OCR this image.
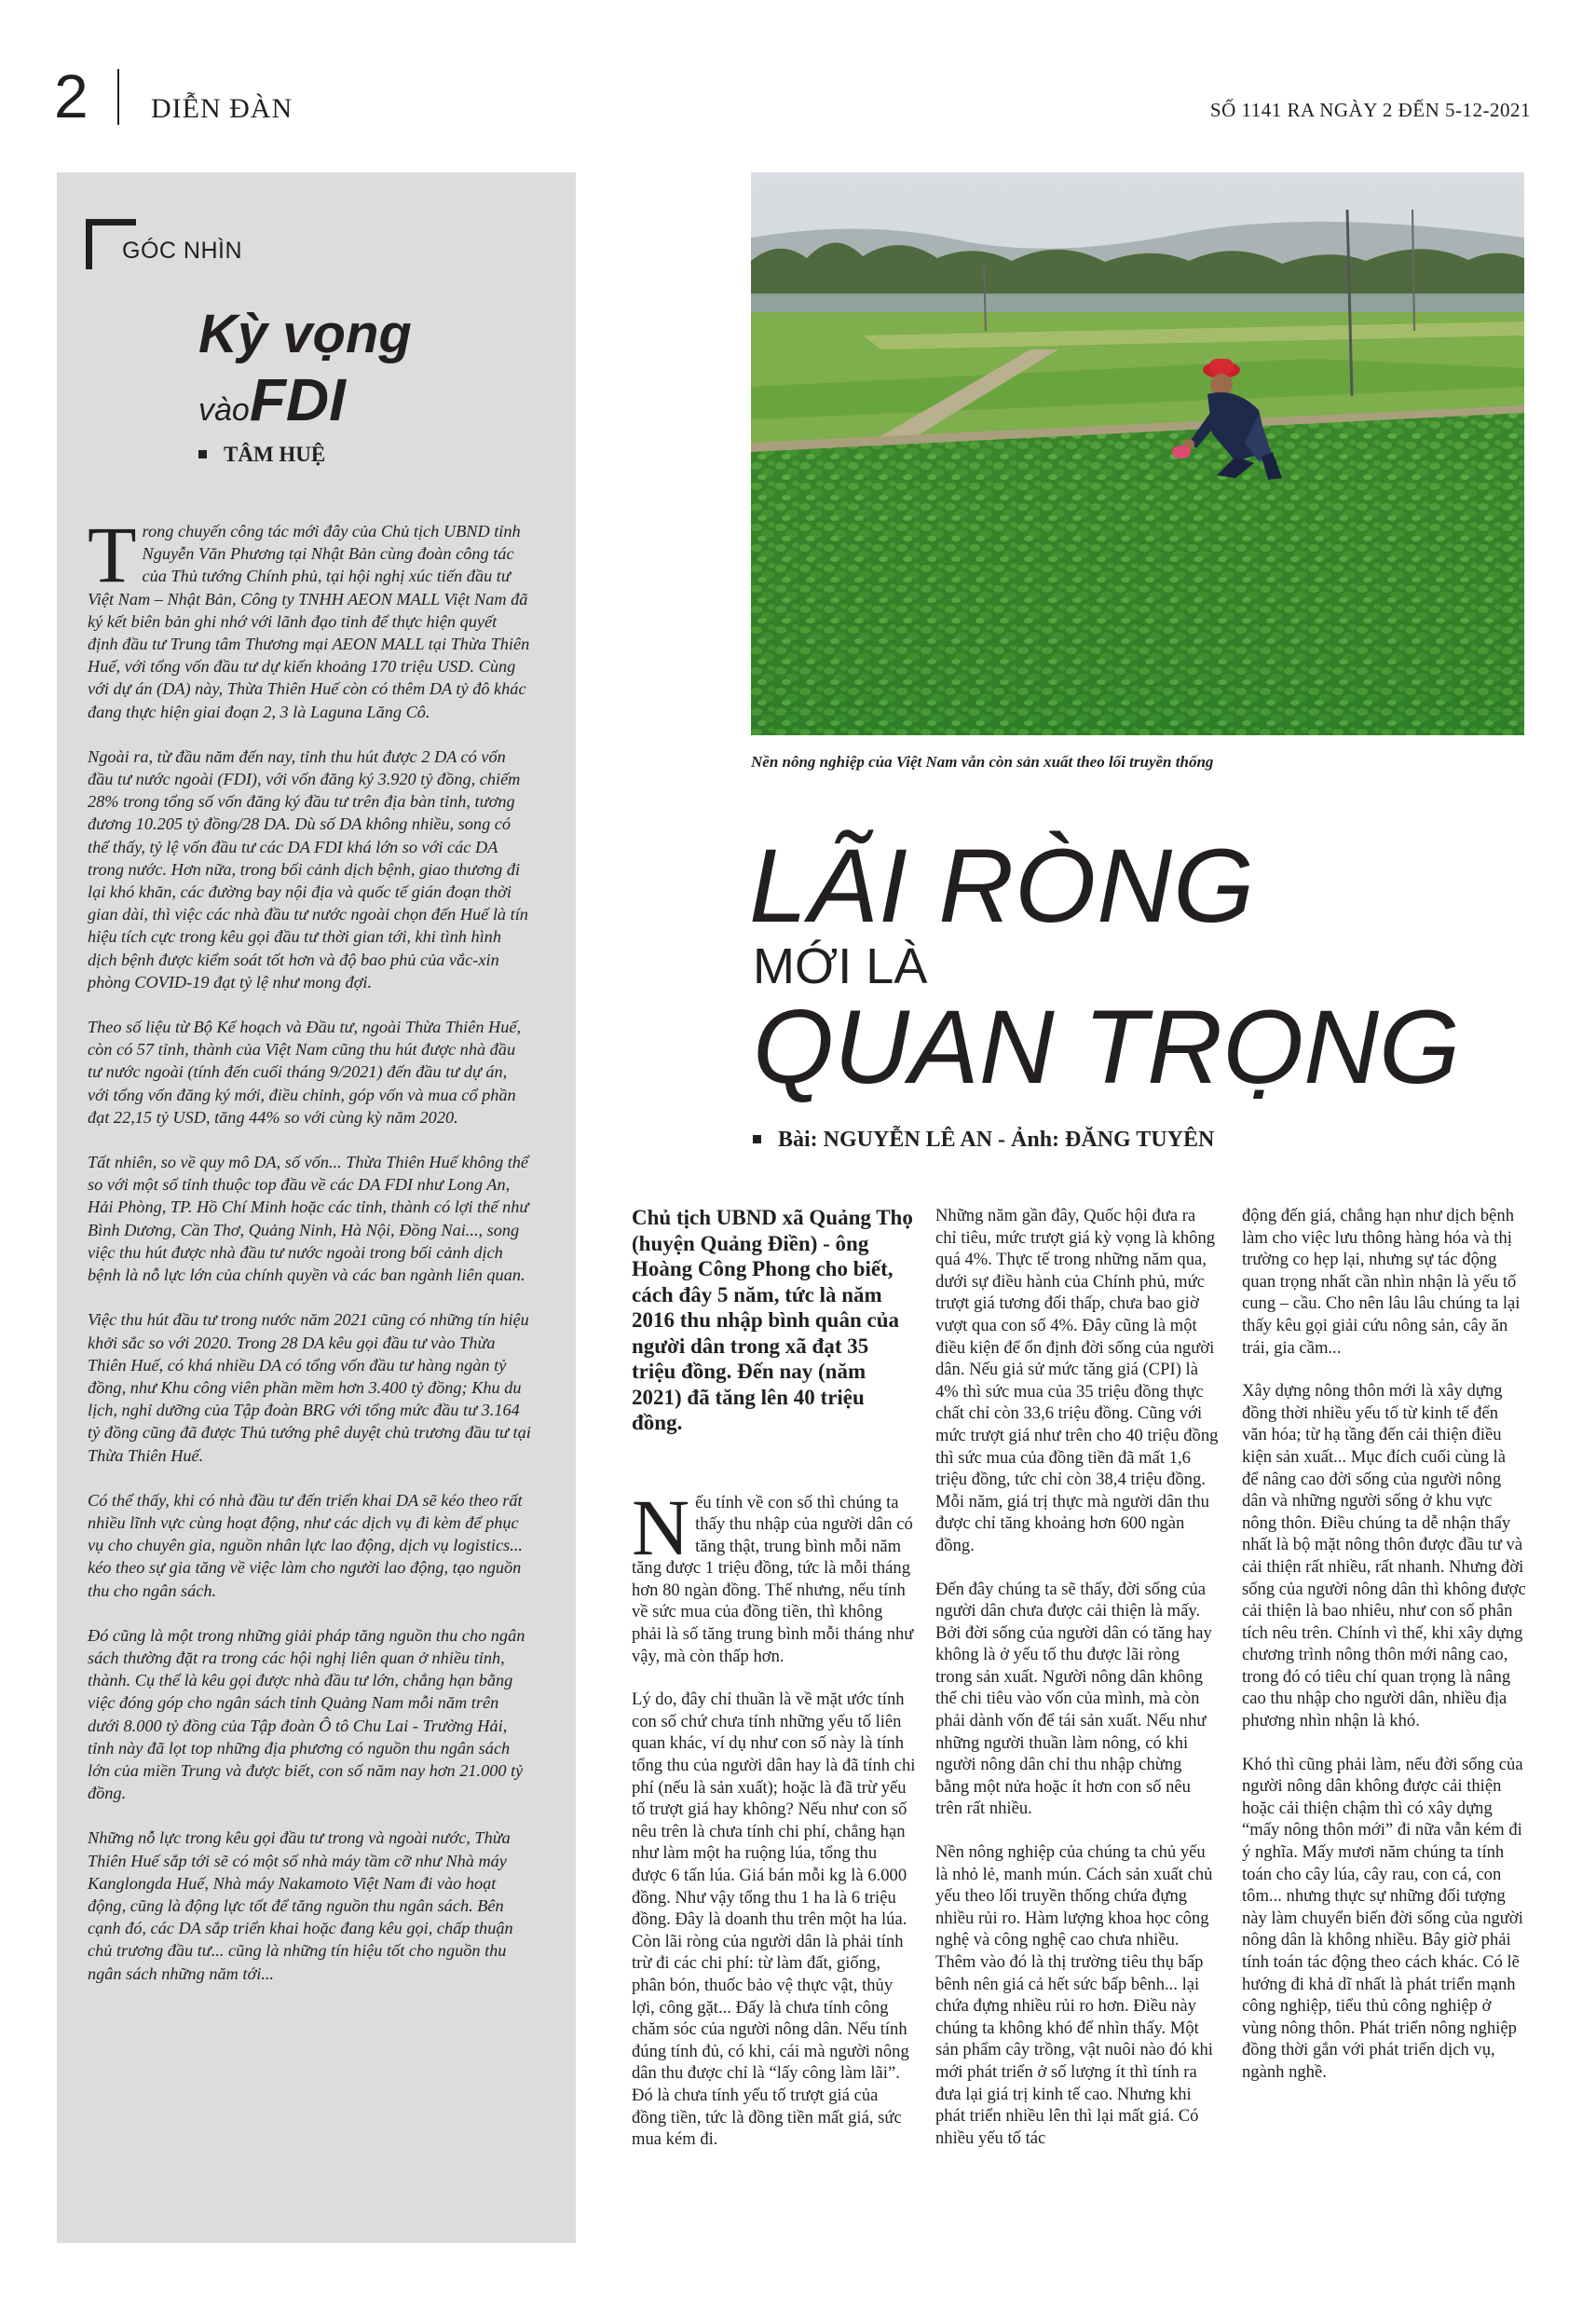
2 DIỄN ĐÀN	SỐ 1141 RA NGÀY 2 ĐẾN 5-12-2021
GÓC NHÌN
Kỳ vọng
vàoFDI
TÂM HUỆ

Trong chuyến công tác mới đây của Chủ tịch UBND tỉnh Nguyễn Văn Phương tại Nhật Bản cùng đoàn công tác của Thủ tướng Chính phủ, tại hội nghị xúc tiến đầu tư Việt Nam – Nhật Bản, Công ty TNHH AEON MALL Việt Nam đã ký kết biên bản ghi nhớ với lãnh đạo tỉnh để thực hiện quyết định đầu tư Trung tâm Thương mại AEON MALL tại Thừa Thiên Huế, với tổng vốn đầu tư dự kiến khoảng 170 triệu USD. Cùng với dự án (DA) này, Thừa Thiên Huế còn có thêm DA tỷ đô khác đang thực hiện giai đoạn 2, 3 là Laguna Lăng Cô.

Ngoài ra, từ đầu năm đến nay, tỉnh thu hút được 2 DA có vốn đầu tư nước ngoài (FDI), với vốn đăng ký 3.920 tỷ đồng, chiếm 28% trong tổng số vốn đăng ký đầu tư trên địa bàn tỉnh, tương đương 10.205 tỷ đồng/28 DA. Dù số DA không nhiều, song có thể thấy, tỷ lệ vốn đầu tư các DA FDI khá lớn so với các DA trong nước. Hơn nữa, trong bối cảnh dịch bệnh, giao thương đi lại khó khăn, các đường bay nội địa và quốc tế gián đoạn thời gian dài, thì việc các nhà đầu tư nước ngoài chọn đến Huế là tín hiệu tích cực trong kêu gọi đầu tư thời gian tới, khi tình hình dịch bệnh được kiểm soát tốt hơn và độ bao phủ của vắc-xin phòng COVID-19 đạt tỷ lệ như mong đợi.

Theo số liệu từ Bộ Kế hoạch và Đầu tư, ngoài Thừa Thiên Huế, còn có 57 tỉnh, thành của Việt Nam cũng thu hút được nhà đầu tư nước ngoài (tính đến cuối tháng 9/2021) đến đầu tư dự án, với tổng vốn đăng ký mới, điều chỉnh, góp vốn và mua cổ phần đạt 22,15 tỷ USD, tăng 44% so với cùng kỳ năm 2020.

Tất nhiên, so về quy mô DA, số vốn... Thừa Thiên Huế không thể so với một số tỉnh thuộc top đầu về các DA FDI như Long An, Hải Phòng, TP. Hồ Chí Minh hoặc các tỉnh, thành có lợi thế như Bình Dương, Cần Thơ, Quảng Ninh, Hà Nội, Đồng Nai..., song việc thu hút được nhà đầu tư nước ngoài trong bối cảnh dịch bệnh là nỗ lực lớn của chính quyền và các ban ngành liên quan.

Việc thu hút đầu tư trong nước năm 2021 cũng có những tín hiệu khởi sắc so với 2020. Trong 28 DA kêu gọi đầu tư vào Thừa Thiên Huế, có khá nhiều DA có tổng vốn đầu tư hàng ngàn tỷ đồng, như Khu công viên phần mềm hơn 3.400 tỷ đồng; Khu du lịch, nghỉ dưỡng của Tập đoàn BRG với tổng mức đầu tư 3.164 tỷ đồng cũng đã được Thủ tướng phê duyệt chủ trương đầu tư tại Thừa Thiên Huế.

Có thể thấy, khi có nhà đầu tư đến triển khai DA sẽ kéo theo rất nhiều lĩnh vực cùng hoạt động, như các dịch vụ đi kèm để phục vụ cho chuyên gia, nguồn nhân lực lao động, dịch vụ logistics... kéo theo sự gia tăng về việc làm cho người lao động, tạo nguồn thu cho ngân sách.

Đó cũng là một trong những giải pháp tăng nguồn thu cho ngân sách thường đặt ra trong các hội nghị liên quan ở nhiều tỉnh, thành. Cụ thể là kêu gọi được nhà đầu tư lớn, chẳng hạn bằng việc đóng góp cho ngân sách tỉnh Quảng Nam mỗi năm trên dưới 8.000 tỷ đồng của Tập đoàn Ô tô Chu Lai - Trường Hải, tỉnh này đã lọt top những địa phương có nguồn thu ngân sách lớn của miền Trung và được biết, con số năm nay hơn 21.000 tỷ đồng.

Những nỗ lực trong kêu gọi đầu tư trong và ngoài nước, Thừa Thiên Huế sắp tới sẽ có một số nhà máy tầm cỡ như Nhà máy Kanglongda Huế, Nhà máy Nakamoto Việt Nam đi vào hoạt động, cũng là động lực tốt để tăng nguồn thu ngân sách. Bên cạnh đó, các DA sắp triển khai hoặc đang kêu gọi, chấp thuận chủ trương đầu tư... cũng là những tín hiệu tốt cho nguồn thu ngân sách những năm tới...

Nền nông nghiệp của Việt Nam vẫn còn sản xuất theo lối truyền thống
LÃI RÒNG
MỚI LÀ
QUAN TRỌNG
Bài: NGUYỄN LÊ AN - Ảnh: ĐĂNG TUYÊN

Chủ tịch UBND xã Quảng Thọ (huyện Quảng Điền) - ông Hoàng Công Phong cho biết, cách đây 5 năm, tức là năm 2016 thu nhập bình quân của người dân trong xã đạt 35 triệu đồng. Đến nay (năm 2021) đã tăng lên 40 triệu đồng.

Nếu tính về con số thì chúng ta thấy thu nhập của người dân có tăng thật, trung bình mỗi năm tăng được 1 triệu đồng, tức là mỗi tháng hơn 80 ngàn đồng. Thế nhưng, nếu tính về sức mua của đồng tiền, thì không phải là số tăng trung bình mỗi tháng như vậy, mà còn thấp hơn.

Lý do, đây chỉ thuần là về mặt ước tính con số chứ chưa tính những yếu tố liên quan khác, ví dụ như con số này là tính tổng thu của người dân hay là đã tính chi phí (nếu là sản xuất); hoặc là đã trừ yếu tố trượt giá hay không? Nếu như con số nêu trên là chưa tính chi phí, chẳng hạn như làm một ha ruộng lúa, tổng thu được 6 tấn lúa. Giá bán mỗi kg là 6.000 đồng. Như vậy tổng thu 1 ha là 6 triệu đồng. Đây là doanh thu trên một ha lúa. Còn lãi ròng của người dân là phải tính trừ đi các chi phí: từ làm đất, giống, phân bón, thuốc bảo vệ thực vật, thủy lợi, công gặt... Đấy là chưa tính công chăm sóc của người nông dân. Nếu tính đúng tính đủ, có khi, cái mà người nông dân thu được chỉ là “lấy công làm lãi”. Đó là chưa tính yếu tố trượt giá của đồng tiền, tức là đồng tiền mất giá, sức mua kém đi.

Những năm gần đây, Quốc hội đưa ra chỉ tiêu, mức trượt giá kỳ vọng là không quá 4%. Thực tế trong những năm qua, dưới sự điều hành của Chính phủ, mức trượt giá tương đối thấp, chưa bao giờ vượt qua con số 4%. Đây cũng là một điều kiện để ổn định đời sống của người dân. Nếu giả sử mức tăng giá (CPI) là 4% thì sức mua của 35 triệu đồng thực chất chỉ còn 33,6 triệu đồng. Cũng với mức trượt giá như trên cho 40 triệu đồng thì sức mua của đồng tiền đã mất 1,6 triệu đồng, tức chỉ còn 38,4 triệu đồng. Mỗi năm, giá trị thực mà người dân thu được chỉ tăng khoảng hơn 600 ngàn đồng.

Đến đây chúng ta sẽ thấy, đời sống của người dân chưa được cải thiện là mấy. Bởi đời sống của người dân có tăng hay không là ở yếu tố thu được lãi ròng trong sản xuất. Người nông dân không thể chi tiêu vào vốn của mình, mà còn phải dành vốn để tái sản xuất. Nếu như những người thuần làm nông, có khi người nông dân chỉ thu nhập chừng bằng một nửa hoặc ít hơn con số nêu trên rất nhiều.

Nền nông nghiệp của chúng ta chủ yếu là nhỏ lẻ, manh mún. Cách sản xuất chủ yếu theo lối truyền thống chứa đựng nhiều rủi ro. Hàm lượng khoa học công nghệ và công nghệ cao chưa nhiều. Thêm vào đó là thị trường tiêu thụ bấp bênh nên giá cả hết sức bấp bênh... lại chứa đựng nhiều rủi ro hơn. Điều này chúng ta không khó để nhìn thấy. Một sản phẩm cây trồng, vật nuôi nào đó khi mới phát triển ở số lượng ít thì tính ra đưa lại giá trị kinh tế cao. Nhưng khi phát triển nhiều lên thì lại mất giá. Có nhiều yếu tố tác

động đến giá, chẳng hạn như dịch bệnh làm cho việc lưu thông hàng hóa và thị trường co hẹp lại, nhưng sự tác động quan trọng nhất cần nhìn nhận là yếu tố cung – cầu. Cho nên lâu lâu chúng ta lại thấy kêu gọi giải cứu nông sản, cây ăn trái, gia cầm...

Xây dựng nông thôn mới là xây dựng đồng thời nhiều yếu tố từ kinh tế đến văn hóa; từ hạ tầng đến cải thiện điều kiện sản xuất... Mục đích cuối cùng là để nâng cao đời sống của người nông dân và những người sống ở khu vực nông thôn. Điều chúng ta dễ nhận thấy nhất là bộ mặt nông thôn được đầu tư và cải thiện rất nhiều, rất nhanh. Nhưng đời sống của người nông dân thì không được cải thiện là bao nhiêu, như con số phân tích nêu trên. Chính vì thế, khi xây dựng chương trình nông thôn mới nâng cao, trong đó có tiêu chí quan trọng là nâng cao thu nhập cho người dân, nhiều địa phương nhìn nhận là khó.

Khó thì cũng phải làm, nếu đời sống của người nông dân không được cải thiện hoặc cải thiện chậm thì có xây dựng “mấy nông thôn mới” đi nữa vẫn kém đi ý nghĩa. Mấy mươi năm chúng ta tính toán cho cây lúa, cây rau, con cá, con tôm... nhưng thực sự những đối tượng này làm chuyển biến đời sống của người nông dân là không nhiều. Bây giờ phải tính toán tác động theo cách khác. Có lẽ hướng đi khả dĩ nhất là phát triển mạnh công nghiệp, tiểu thủ công nghiệp ở vùng nông thôn. Phát triển nông nghiệp đồng thời gắn với phát triển dịch vụ, ngành nghề.
